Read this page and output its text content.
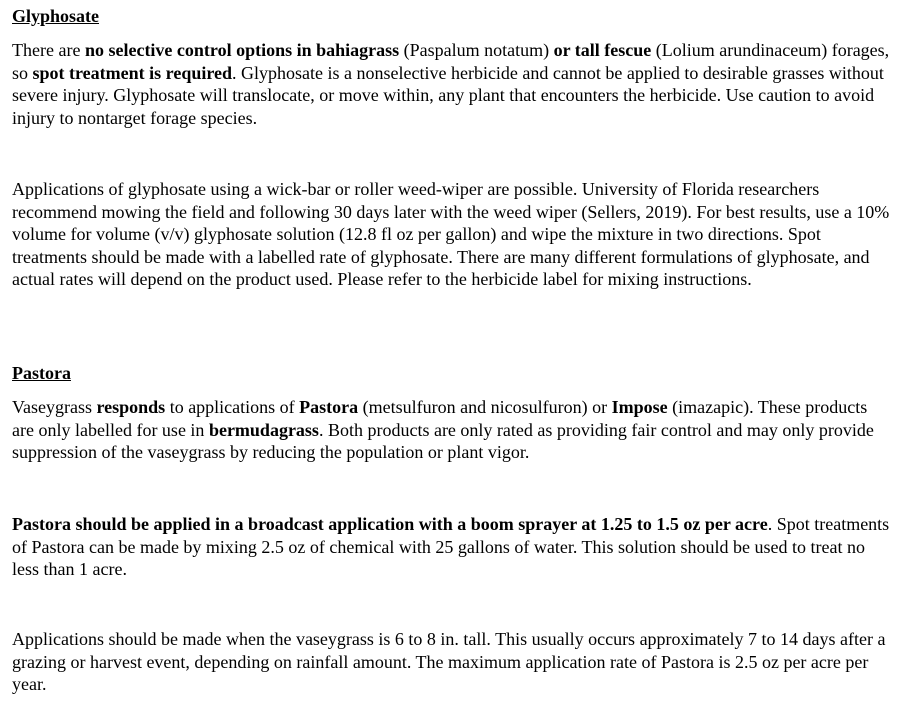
Glyphosate

There are no selective control options in bahiagrass (Paspalum notatum) or tall fescue (Lolium arundinaceum) forages, so spot treatment is required. Glyphosate is a nonselective herbicide and cannot be applied to desirable grasses without severe injury. Glyphosate will translocate, or move within, any plant that encounters the herbicide. Use caution to avoid injury to nontarget forage species.

Applications of glyphosate using a wick-bar or roller weed-wiper are possible. University of Florida researchers recommend mowing the field and following 30 days later with the weed wiper (Sellers, 2019). For best results, use a 10% volume for volume (v/v) glyphosate solution (12.8 fl oz per gallon) and wipe the mixture in two directions. Spot treatments should be made with a labelled rate of glyphosate. There are many different formulations of glyphosate, and actual rates will depend on the product used. Please refer to the herbicide label for mixing instructions.

Pastora

Vaseygrass responds to applications of Pastora (metsulfuron and nicosulfuron) or Impose (imazapic). These products are only labelled for use in bermudagrass. Both products are only rated as providing fair control and may only provide suppression of the vaseygrass by reducing the population or plant vigor.

Pastora should be applied in a broadcast application with a boom sprayer at 1.25 to 1.5 oz per acre. Spot treatments of Pastora can be made by mixing 2.5 oz of chemical with 25 gallons of water. This solution should be used to treat no less than 1 acre.

Applications should be made when the vaseygrass is 6 to 8 in. tall. This usually occurs approximately 7 to 14 days after a grazing or harvest event, depending on rainfall amount. The maximum application rate of Pastora is 2.5 oz per acre per year.
